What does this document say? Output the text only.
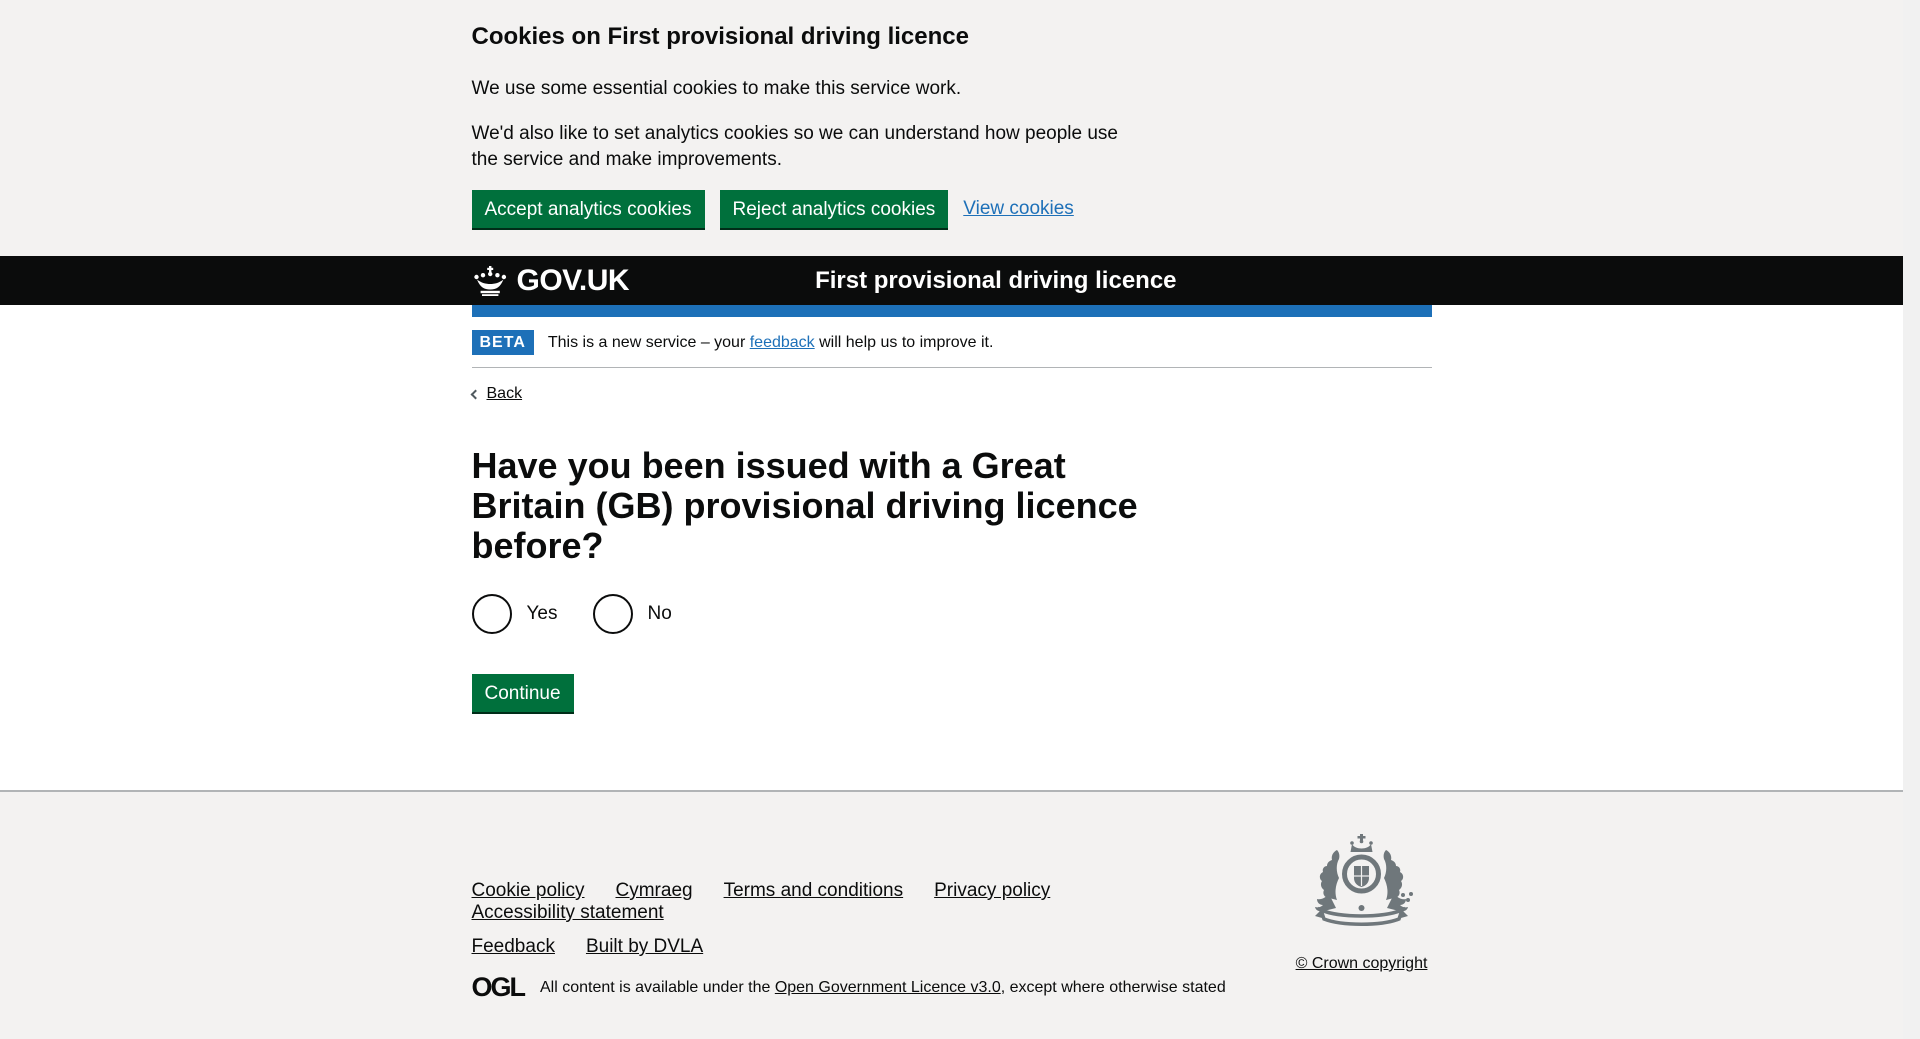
Cookies on First provisional driving licence

We use some essential cookies to make this service work.

We'd also like to set analytics cookies so we can understand how people use the service and make improvements.

Accept analytics cookies	Reject analytics cookies	View cookies
GOV.UK	First provisional driving licence
BETA	This is a new service – your feedback will help us to improve it.
Back
Have you been issued with a Great
Britain (GB) provisional driving licence
before?
Yes	No
Continue
Cookie policy Cymraeg Terms and conditions Privacy policy
Accessibility statement
Feedback Built by DVLA
OGL All content is available under the Open Government Licence v3.0, except where otherwise stated

© Crown copyright
